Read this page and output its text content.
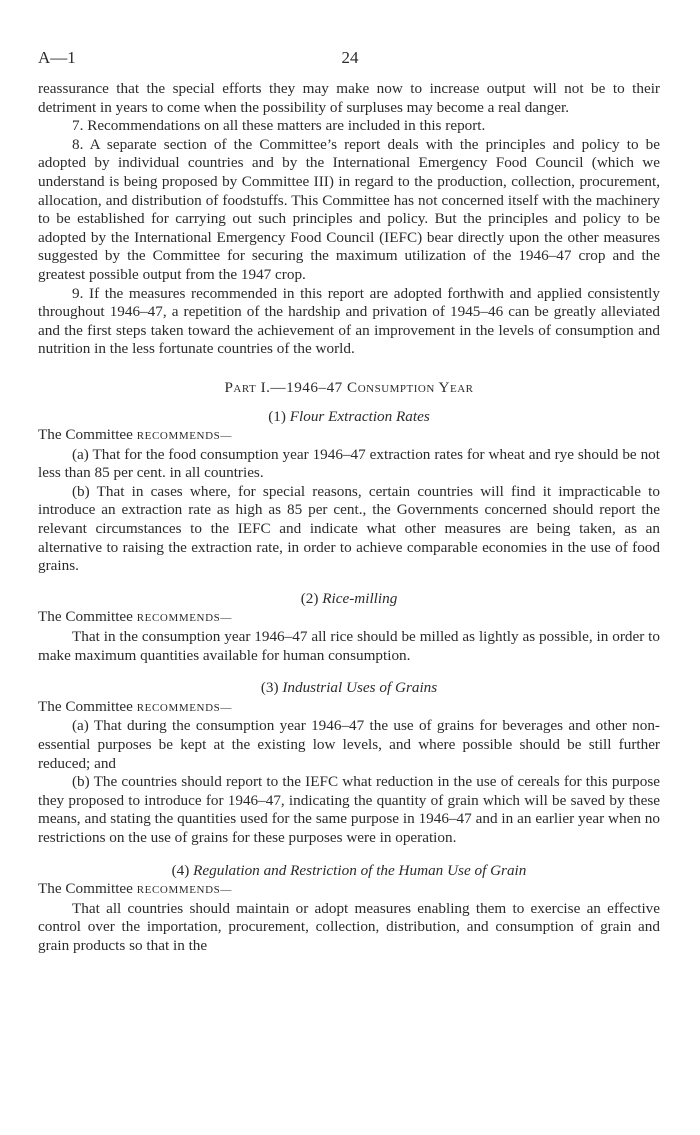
A—1	24

reassurance that the special efforts they may make now to increase output will not be to their detriment in years to come when the possibility of surpluses may become a real danger.

7. Recommendations on all these matters are included in this report.

8. A separate section of the Committee’s report deals with the principles and policy to be adopted by individual countries and by the International Emergency Food Council (which we understand is being proposed by Committee III) in regard to the production, collection, procurement, allocation, and distribution of foodstuffs. This Committee has not concerned itself with the machinery to be established for carrying out such principles and policy. But the principles and policy to be adopted by the International Emergency Food Council (IEFC) bear directly upon the other measures suggested by the Committee for securing the maximum utilization of the 1946–47 crop and the greatest possible output from the 1947 crop.

9. If the measures recommended in this report are adopted forthwith and applied consistently throughout 1946–47, a repetition of the hardship and privation of 1945–46 can be greatly alleviated and the first steps taken toward the achievement of an improvement in the levels of consumption and nutrition in the less fortunate countries of the world.

Part I.—1946–47 Consumption Year

(1) Flour Extraction Rates

The Committee RECOMMENDS—

(a) That for the food consumption year 1946–47 extraction rates for wheat and rye should be not less than 85 per cent. in all countries.

(b) That in cases where, for special reasons, certain countries will find it impracticable to introduce an extraction rate as high as 85 per cent., the Governments concerned should report the relevant circumstances to the IEFC and indicate what other measures are being taken, as an alternative to raising the extraction rate, in order to achieve comparable economies in the use of food grains.

(2) Rice-milling

The Committee RECOMMENDS—

That in the consumption year 1946–47 all rice should be milled as lightly as possible, in order to make maximum quantities available for human consumption.

(3) Industrial Uses of Grains

The Committee RECOMMENDS—

(a) That during the consumption year 1946–47 the use of grains for beverages and other non-essential purposes be kept at the existing low levels, and where possible should be still further reduced; and

(b) The countries should report to the IEFC what reduction in the use of cereals for this purpose they proposed to introduce for 1946–47, indicating the quantity of grain which will be saved by these means, and stating the quantities used for the same purpose in 1946–47 and in an earlier year when no restrictions on the use of grains for these purposes were in operation.

(4) Regulation and Restriction of the Human Use of Grain

The Committee RECOMMENDS—

That all countries should maintain or adopt measures enabling them to exercise an effective control over the importation, procurement, collection, distribution, and consumption of grain and grain products so that in the
